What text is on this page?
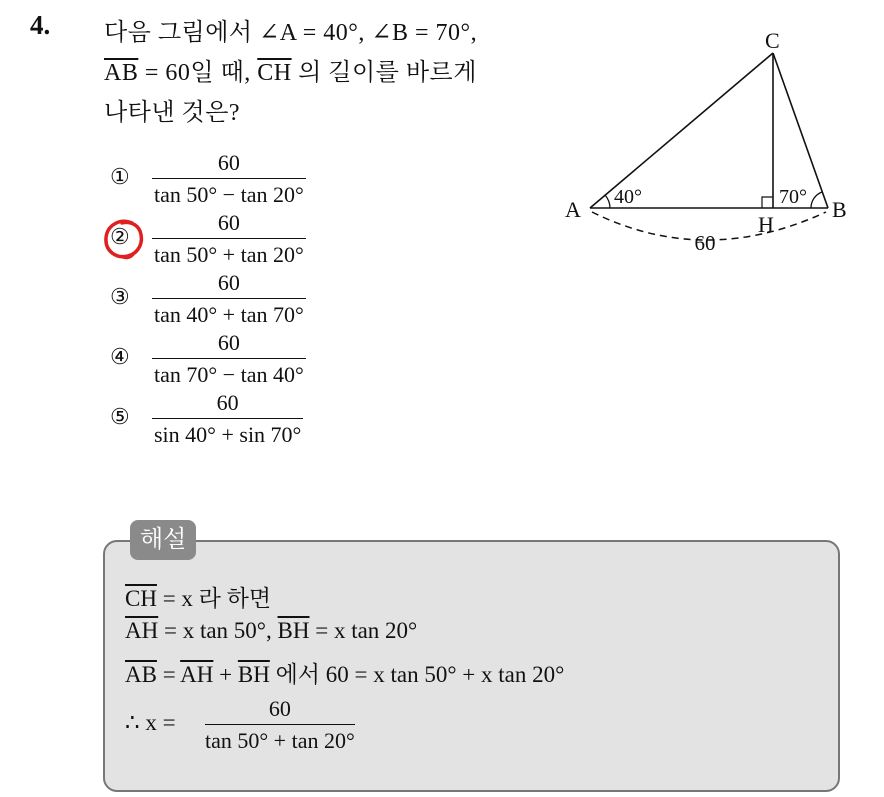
4. 다음 그림에서 ∠A = 40°, ∠B = 70°,
$\overline{AB} = 60$일 때, $\overline{CH}$ 의 길이를 바르게
나타낸 것은?
① $\frac{60}{\tan 50^\circ - \tan 20^\circ}$
② $\frac{60}{\tan 50^\circ + \tan 20^\circ}$
③ $\frac{60}{\tan 40^\circ + \tan 70^\circ}$
④ $\frac{60}{\tan 70^\circ - \tan 40^\circ}$
⑤ $\frac{60}{\sin 40^\circ + \sin 70^\circ}$
C
A	B
H
40°	70°
60
해설
$\overline{CH} = x$ 라 하면
$\overline{AH} = x$ tan 50°, $\overline{BH} = x$ tan 20°
$\overline{AB} = \overline{AH} + \overline{BH}$ 에서 60 = x tan 50° + x tan 20°
∴ $x = \frac{60}{\tan 50^\circ + \tan 20^\circ}$
